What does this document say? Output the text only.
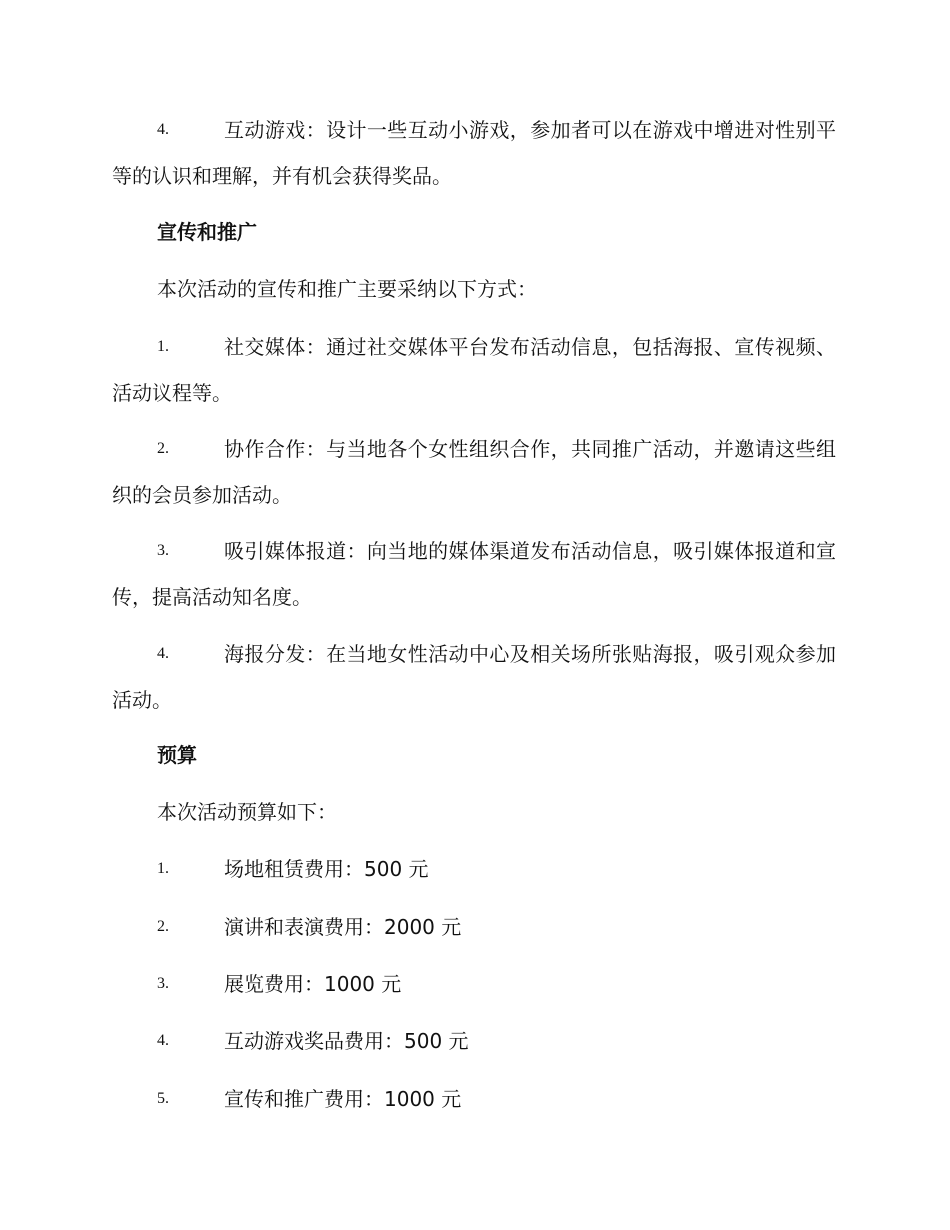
4.	互动游戏：设计一些互动小游戏，参加者可以在游戏中增进对性别平等的认识和理解，并有机会获得奖品。
宣传和推广
本次活动的宣传和推广主要采纳以下方式：
1.	社交媒体：通过社交媒体平台发布活动信息，包括海报、宣传视频、活动议程等。
2.	协作合作：与当地各个女性组织合作，共同推广活动，并邀请这些组织的会员参加活动。
3.	吸引媒体报道：向当地的媒体渠道发布活动信息，吸引媒体报道和宣传，提高活动知名度。
4.	海报分发：在当地女性活动中心及相关场所张贴海报，吸引观众参加活动。
预算
本次活动预算如下：
1.	场地租赁费用：500 元
2.	演讲和表演费用：2000 元
3.	展览费用：1000 元
4.	互动游戏奖品费用：500 元
5.	宣传和推广费用：1000 元
